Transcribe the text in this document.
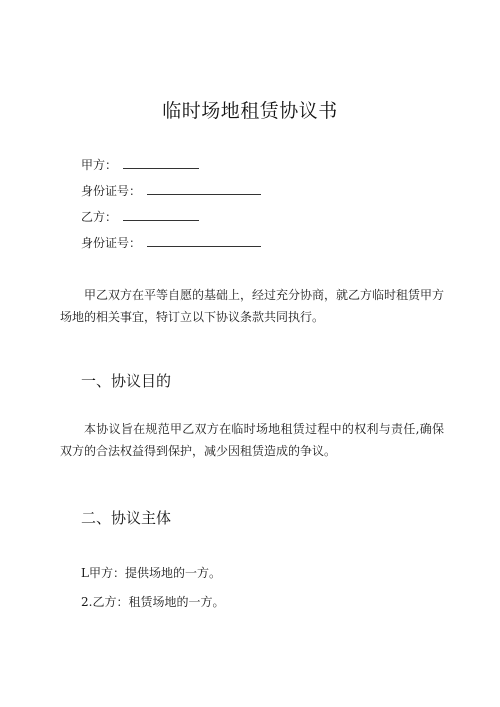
临时场地租赁协议书
甲方：
身份证号：
乙方：
身份证号：
甲乙双方在平等自愿的基础上，经过充分协商，就乙方临时租赁甲方场地的相关事宜，特订立以下协议条款共同执行。
一、协议目的
本协议旨在规范甲乙双方在临时场地租赁过程中的权利与责任,确保双方的合法权益得到保护，减少因租赁造成的争议。
二、协议主体
L甲方：提供场地的一方。
2.乙方：租赁场地的一方。
